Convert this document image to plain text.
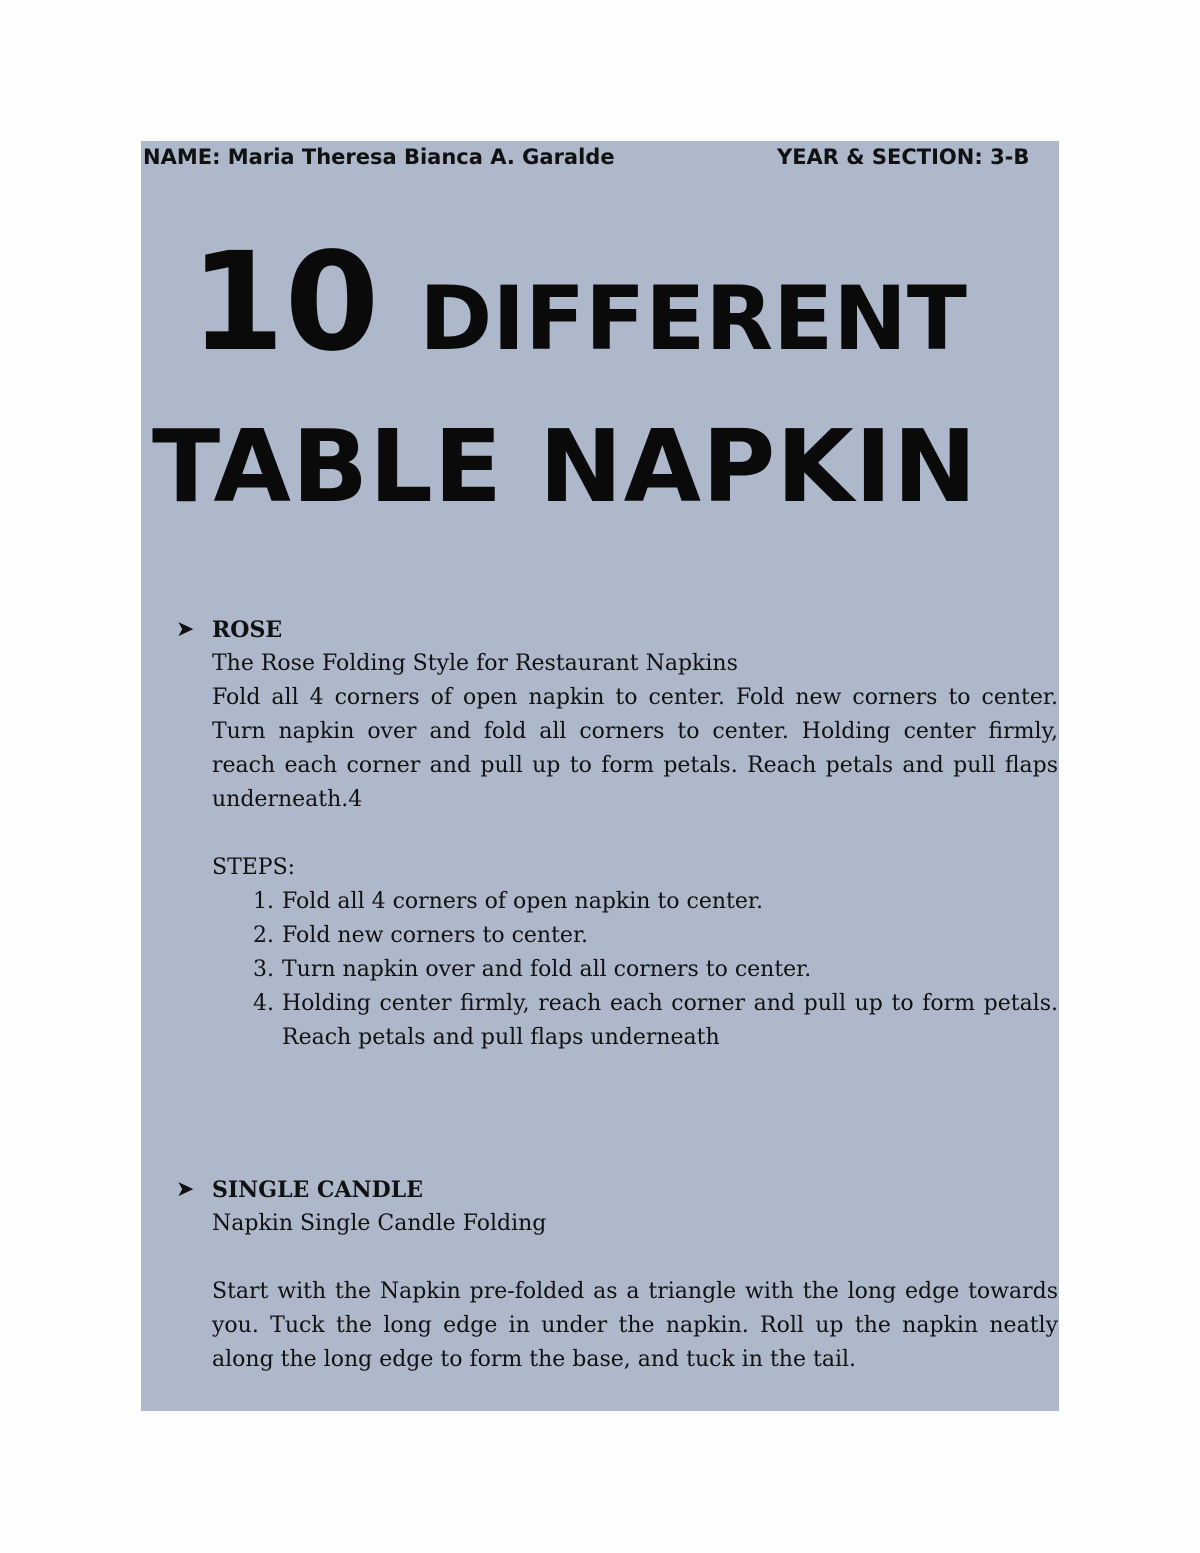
NAME: Maria Theresa Bianca A. Garalde	YEAR & SECTION: 3-B
10 DIFFERENT
TABLE NAPKIN
➤ ROSE

The Rose Folding Style for Restaurant Napkins

Fold all 4 corners of open napkin to center. Fold new corners to center. Turn napkin over and fold all corners to center. Holding center firmly, reach each corner and pull up to form petals. Reach petals and pull flaps underneath.4

STEPS:

1. Fold all 4 corners of open napkin to center.
2. Fold new corners to center.
3. Turn napkin over and fold all corners to center.
4. Holding center firmly, reach each corner and pull up to form petals. Reach petals and pull flaps underneath
➤ SINGLE CANDLE

Napkin Single Candle Folding

Start with the Napkin pre-folded as a triangle with the long edge towards you. Tuck the long edge in under the napkin. Roll up the napkin neatly along the long edge to form the base, and tuck in the tail.
